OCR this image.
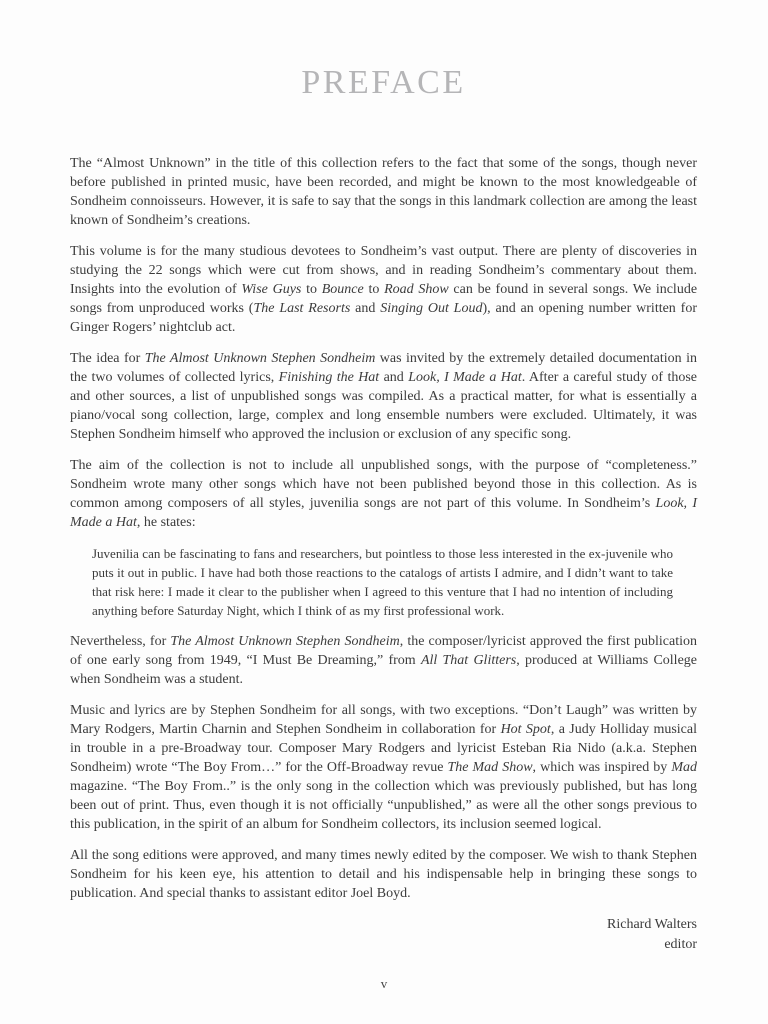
PREFACE

The “Almost Unknown” in the title of this collection refers to the fact that some of the songs, though never before published in printed music, have been recorded, and might be known to the most knowledgeable of Sondheim connoisseurs. However, it is safe to say that the songs in this landmark collection are among the least known of Sondheim’s creations.

This volume is for the many studious devotees to Sondheim’s vast output. There are plenty of discoveries in studying the 22 songs which were cut from shows, and in reading Sondheim’s commentary about them. Insights into the evolution of Wise Guys to Bounce to Road Show can be found in several songs. We include songs from unproduced works (The Last Resorts and Singing Out Loud), and an opening number written for Ginger Rogers’ nightclub act.

The idea for The Almost Unknown Stephen Sondheim was invited by the extremely detailed documentation in the two volumes of collected lyrics, Finishing the Hat and Look, I Made a Hat. After a careful study of those and other sources, a list of unpublished songs was compiled. As a practical matter, for what is essentially a piano/vocal song collection, large, complex and long ensemble numbers were excluded. Ultimately, it was Stephen Sondheim himself who approved the inclusion or exclusion of any specific song.

The aim of the collection is not to include all unpublished songs, with the purpose of “completeness.” Sondheim wrote many other songs which have not been published beyond those in this collection. As is common among composers of all styles, juvenilia songs are not part of this volume. In Sondheim’s Look, I Made a Hat, he states:

Juvenilia can be fascinating to fans and researchers, but pointless to those less interested in the ex-juvenile who puts it out in public. I have had both those reactions to the catalogs of artists I admire, and I didn’t want to take that risk here: I made it clear to the publisher when I agreed to this venture that I had no intention of including anything before Saturday Night, which I think of as my first professional work.

Nevertheless, for The Almost Unknown Stephen Sondheim, the composer/lyricist approved the first publication of one early song from 1949, “I Must Be Dreaming,” from All That Glitters, produced at Williams College when Sondheim was a student.

Music and lyrics are by Stephen Sondheim for all songs, with two exceptions. “Don’t Laugh” was written by Mary Rodgers, Martin Charnin and Stephen Sondheim in collaboration for Hot Spot, a Judy Holliday musical in trouble in a pre-Broadway tour. Composer Mary Rodgers and lyricist Esteban Ria Nido (a.k.a. Stephen Sondheim) wrote “The Boy From…” for the Off-Broadway revue The Mad Show, which was inspired by Mad magazine. “The Boy From..” is the only song in the collection which was previously published, but has long been out of print. Thus, even though it is not officially “unpublished,” as were all the other songs previous to this publication, in the spirit of an album for Sondheim collectors, its inclusion seemed logical.

All the song editions were approved, and many times newly edited by the composer. We wish to thank Stephen Sondheim for his keen eye, his attention to detail and his indispensable help in bringing these songs to publication. And special thanks to assistant editor Joel Boyd.

Richard Walters
editor
v
